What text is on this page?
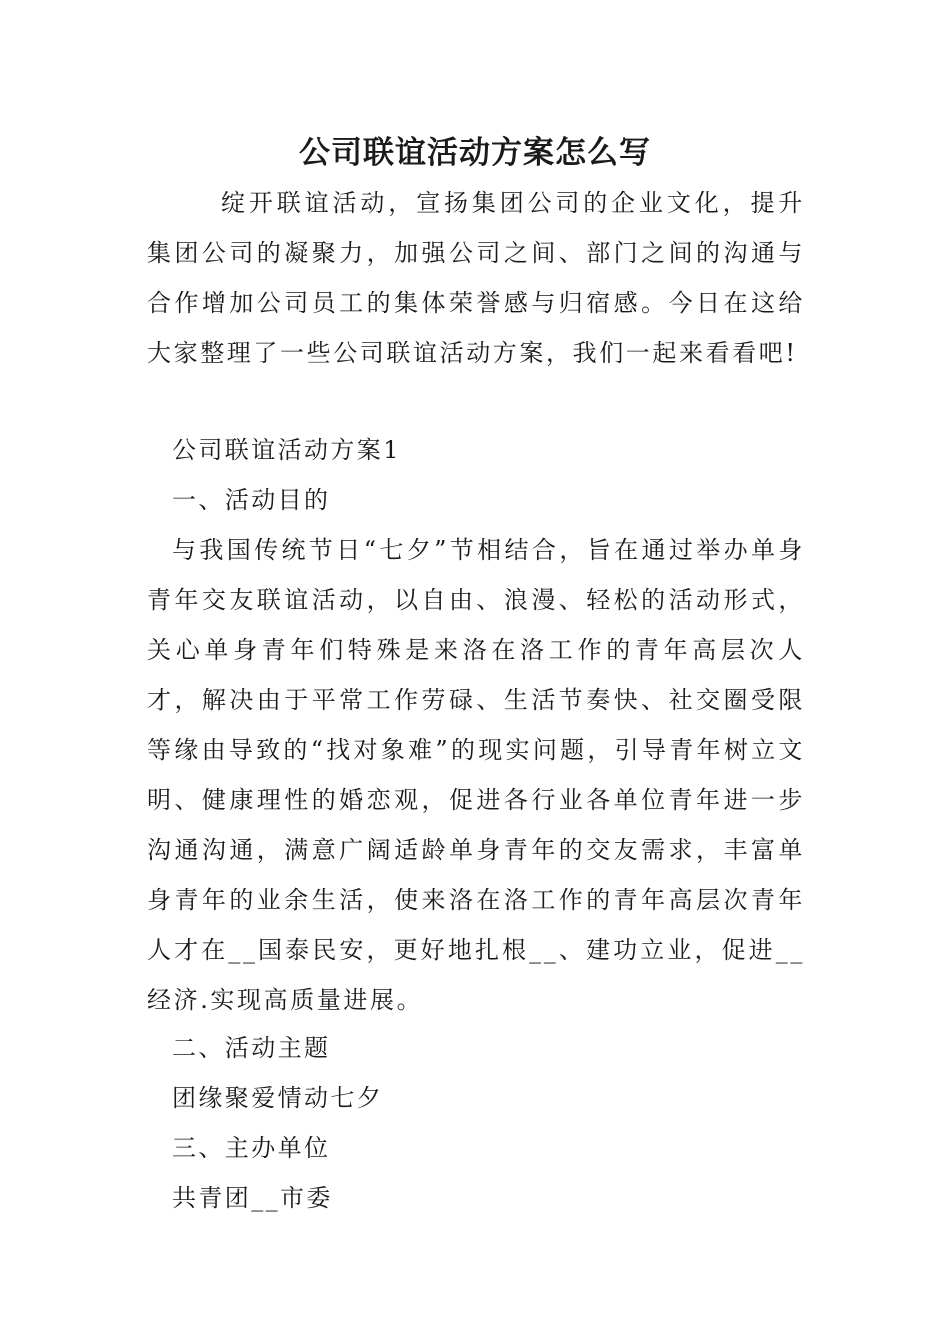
公司联谊活动方案怎么写
绽开联谊活动，宣扬集团公司的企业文化，提升集团公司的凝聚力，加强公司之间、部门之间的沟通与合作增加公司员工的集体荣誉感与归宿感。今日在这给大家整理了一些公司联谊活动方案，我们一起来看看吧!
公司联谊活动方案1
一、活动目的
与我国传统节日“七夕”节相结合，旨在通过举办单身青年交友联谊活动，以自由、浪漫、轻松的活动形式，关心单身青年们特殊是来洛在洛工作的青年高层次人才，解决由于平常工作劳碌、生活节奏快、社交圈受限等缘由导致的“找对象难”的现实问题，引导青年树立文明、健康理性的婚恋观，促进各行业各单位青年进一步沟通沟通，满意广阔适龄单身青年的交友需求，丰富单身青年的业余生活，使来洛在洛工作的青年高层次青年人才在__国泰民安，更好地扎根__、建功立业，促进__经济.实现高质量进展。
二、活动主题
团缘聚爱情动七夕
三、主办单位
共青团__市委
